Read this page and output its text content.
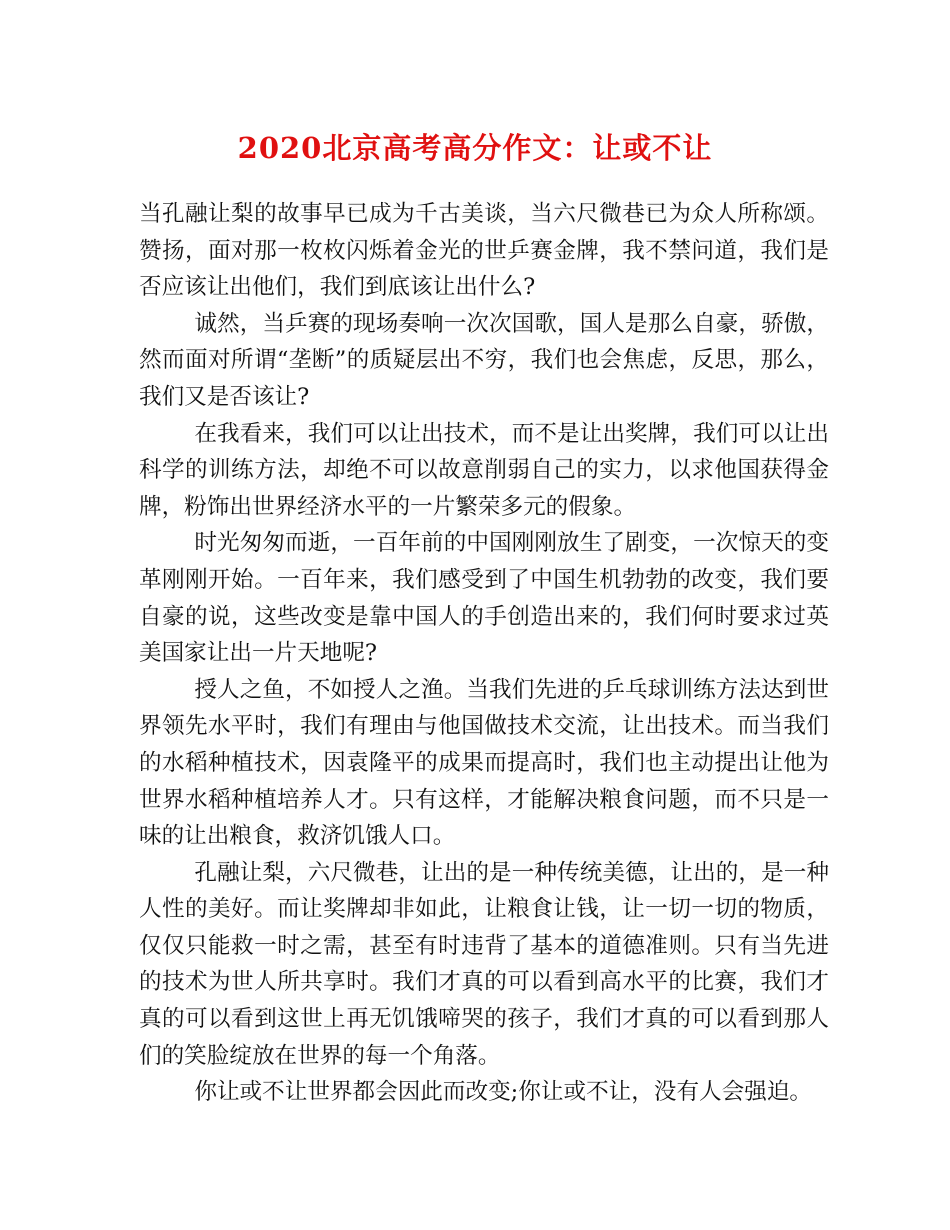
2020北京高考高分作文：让或不让

当孔融让梨的故事早已成为千古美谈，当六尺微巷已为众人所称颂。赞扬，面对那一枚枚闪烁着金光的世乒赛金牌，我不禁问道，我们是否应该让出他们，我们到底该让出什么?

诚然，当乒赛的现场奏响一次次国歌，国人是那么自豪，骄傲，然而面对所谓“垄断”的质疑层出不穷，我们也会焦虑，反思，那么，我们又是否该让?

在我看来，我们可以让出技术，而不是让出奖牌，我们可以让出科学的训练方法，却绝不可以故意削弱自己的实力，以求他国获得金牌，粉饰出世界经济水平的一片繁荣多元的假象。

时光匆匆而逝，一百年前的中国刚刚放生了剧变，一次惊天的变革刚刚开始。一百年来，我们感受到了中国生机勃勃的改变，我们要自豪的说，这些改变是靠中国人的手创造出来的，我们何时要求过英美国家让出一片天地呢?

授人之鱼，不如授人之渔。当我们先进的乒乓球训练方法达到世界领先水平时，我们有理由与他国做技术交流，让出技术。而当我们的水稻种植技术，因袁隆平的成果而提高时，我们也主动提出让他为世界水稻种植培养人才。只有这样，才能解决粮食问题，而不只是一味的让出粮食，救济饥饿人口。

孔融让梨，六尺微巷，让出的是一种传统美德，让出的，是一种人性的美好。而让奖牌却非如此，让粮食让钱，让一切一切的物质，仅仅只能救一时之需，甚至有时违背了基本的道德准则。只有当先进的技术为世人所共享时。我们才真的可以看到高水平的比赛，我们才真的可以看到这世上再无饥饿啼哭的孩子，我们才真的可以看到那人们的笑脸绽放在世界的每一个角落。

你让或不让世界都会因此而改变;你让或不让，没有人会强迫。
